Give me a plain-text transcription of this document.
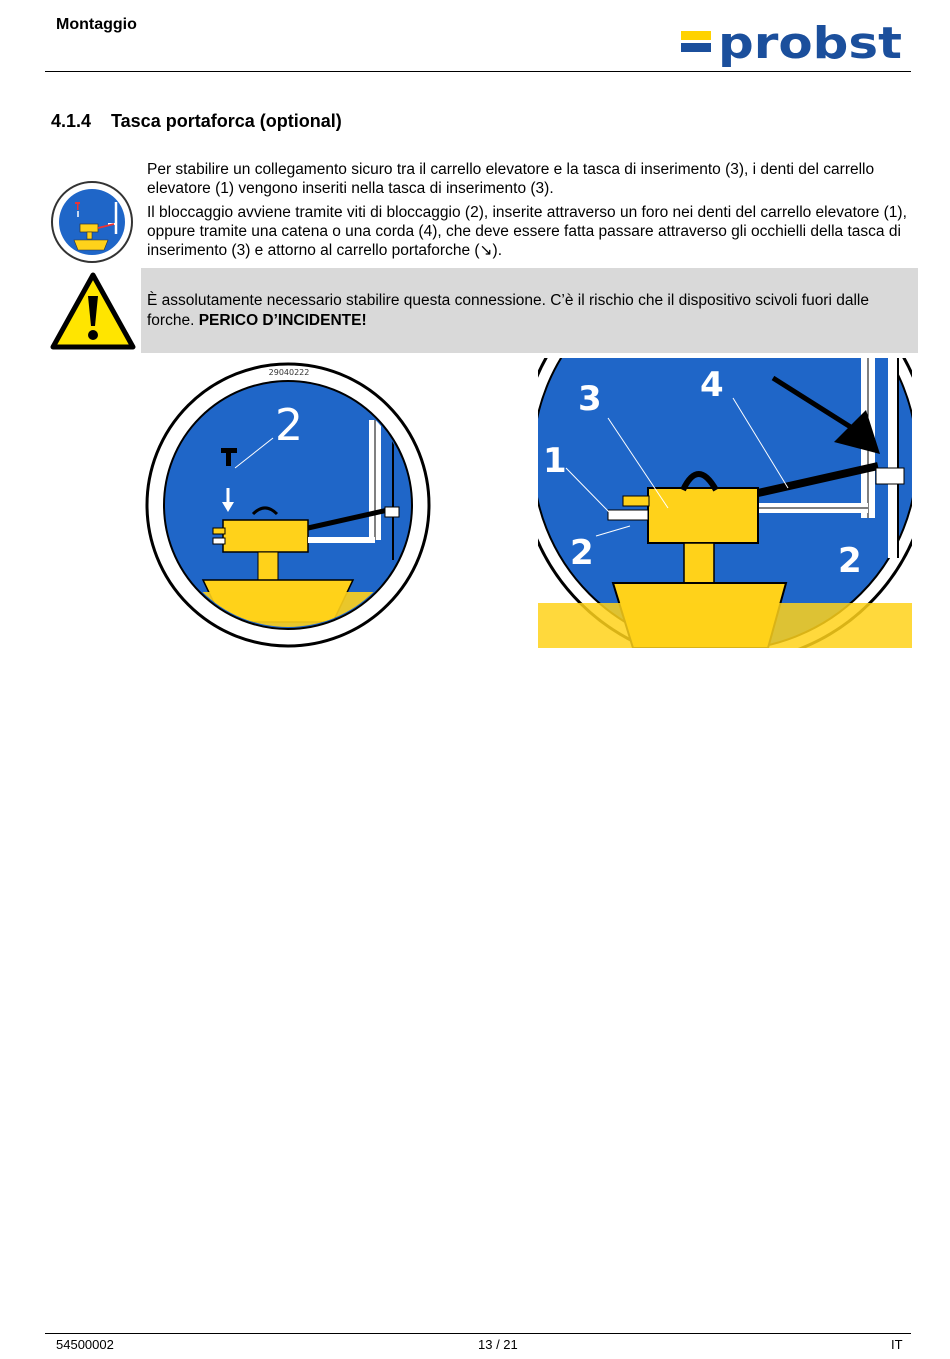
Montaggio	probst
4.1.4 Tasca portaforca (optional)
Per stabilire un collegamento sicuro tra il carrello elevatore e la tasca di inserimento (3), i denti del carrello elevatore (1) vengono inseriti nella tasca di inserimento (3).
Il bloccaggio avviene tramite viti di bloccaggio (2), inserite attraverso un foro nei denti del carrello elevatore (1), oppure tramite una catena o una corda (4), che deve essere fatta passare attraverso gli occhielli della tasca di inserimento (3) e attorno al carrello portaforche (↘).
È assolutamente necessario stabilire questa connessione. C’è il rischio che il dispositivo scivoli fuori dalle forche. PERICO D’INCIDENTE!
29040222
2
3	4
1
2	2
54500002	13 / 21	IT
